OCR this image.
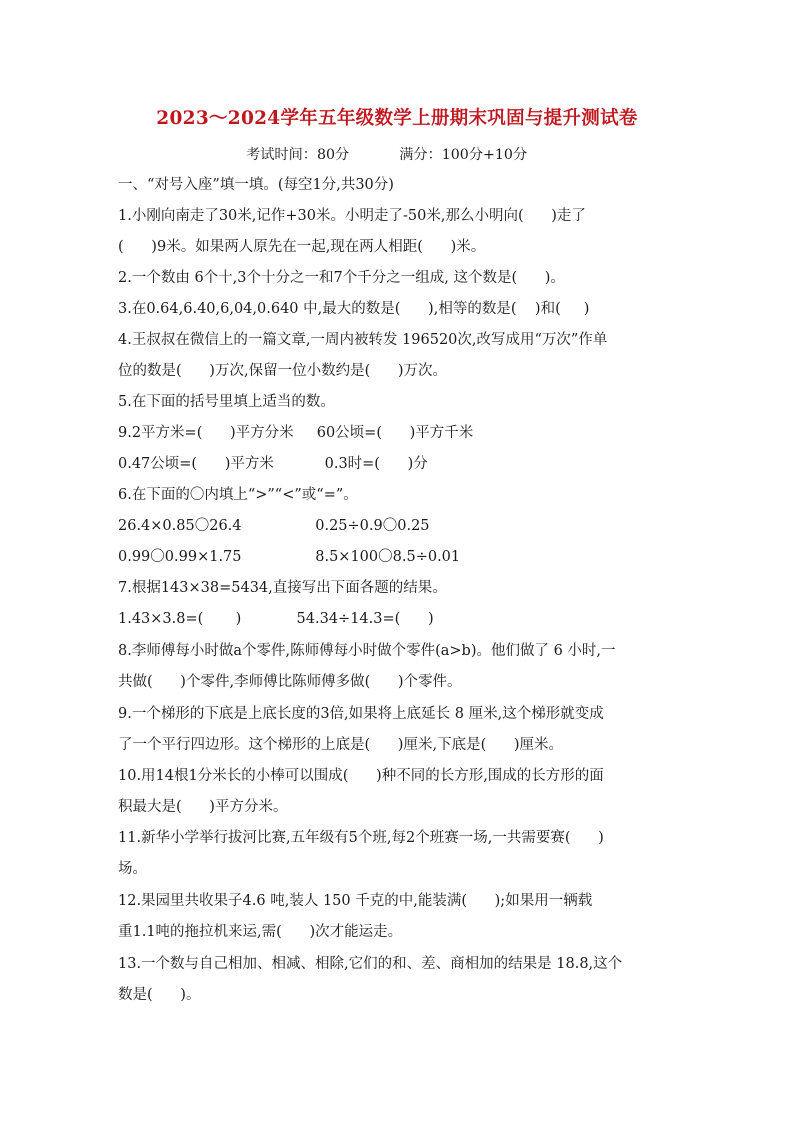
2023～2024学年五年级数学上册期末巩固与提升测试卷
考试时间：80分	满分：100分+10分
一、“对号入座”填一填。(每空1分,共30分)
1.小刚向南走了30米,记作+30米。小明走了-50米,那么小明向(      )走了
(      )9米。如果两人原先在一起,现在两人相距(      )米。
2.一个数由 6个十,3个十分之一和7个千分之一组成, 这个数是(      )。
3.在0.64,6.40,6,04,0.640 中,最大的数是(      ),相等的数是(    )和(     )
4.王叔叔在微信上的一篇文章,一周内被转发 196520次,改写成用“万次”作单
位的数是(      )万次,保留一位小数约是(      )万次。
5.在下面的括号里填上适当的数。
9.2平方米=(      )平方分米     60公顷=(      )平方千米
0.47公顷=(      )平方米           0.3时=(      )分
6.在下面的〇内填上“>”“<”或“=”。
26.4×0.85〇26.4                0.25÷0.9〇0.25
0.99〇0.99×1.75                8.5×100〇8.5÷0.01
7.根据143×38=5434,直接写出下面各题的结果。
1.43×3.8=(       )            54.34÷14.3=(      )
8.李师傅每小时做a个零件,陈师傅每小时做个零件(a>b)。他们做了 6 小时,一
共做(      )个零件,李师傅比陈师傅多做(      )个零件。
9.一个梯形的下底是上底长度的3倍,如果将上底延长 8 厘米,这个梯形就变成
了一个平行四边形。这个梯形的上底是(      )厘米,下底是(      )厘米。
10.用14根1分米长的小棒可以围成(      )种不同的长方形,围成的长方形的面
积最大是(      )平方分米。
11.新华小学举行拔河比赛,五年级有5个班,每2个班赛一场,一共需要赛(      )
场。
12.果园里共收果子4.6 吨,装人 150 千克的中,能装满(      );如果用一辆载
重1.1吨的拖拉机来运,需(      )次才能运走。
13.一个数与自己相加、相减、相除,它们的和、差、商相加的结果是 18.8,这个
数是(      )。
